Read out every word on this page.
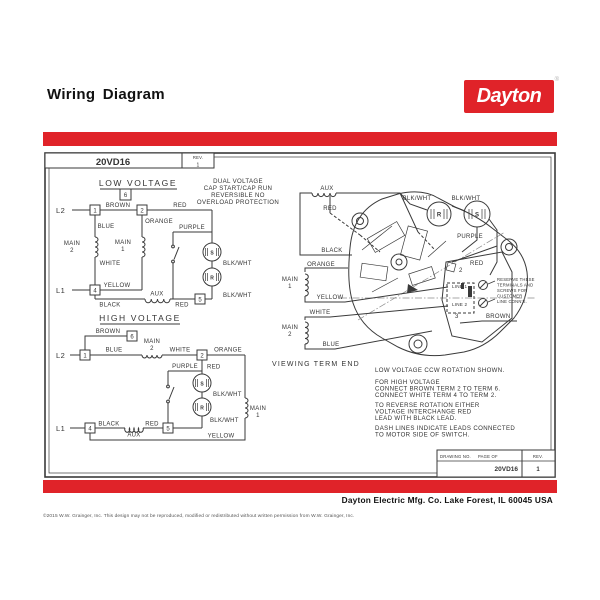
Wiring Diagram	Dayton
®
20VD16	REV.
1
LOW VOLTAGE	DUAL VOLTAGE
CAP START/CAP RUN
REVERSIBLE NO
OVERLOAD PROTECTION
S
R
6
1	2
4
5
L2
L1
BROWN	RED
BLUE
ORANGE
MAIN
2
MAIN
1
WHITE
YELLOW
BLACK
AUX
RED
PURPLE
BLK/WHT
BLK/WHT
HIGH VOLTAGE
S
R
6
1	2
4	5
L2
L1
BROWN
BLUE
MAIN
2	WHITE	ORANGE
RED
PURPLE
BLK/WHT
BLK/WHT
MAIN
1
BLACK
AUX
RED
YELLOW
R	S
AUX
RED
BLK/WHT	BLK/WHT
PURPLE
BLACK
ORANGE
MAIN
1
YELLOW
WHITE
MAIN
2
BLUE
RED
2
LINE 1
LINE 2
3	BROWN
RESERVE THESE
TERMINALS AND
SCREWS FOR
CUSTOMER
LINE CONN'S.
VIEWING TERM END
LOW VOLTAGE CCW ROTATION SHOWN.
FOR HIGH VOLTAGE
CONNECT BROWN TERM 2 TO TERM 6.
CONNECT WHITE TERM 4 TO TERM 2.
TO REVERSE ROTATION EITHER
VOLTAGE INTERCHANGE RED
LEAD WITH BLACK LEAD.
DASH LINES INDICATE LEADS CONNECTED
TO MOTOR SIDE OF SWITCH.
DRAWING NO. PAGE OF
20VD16
REV.
1
Dayton Electric Mfg. Co. Lake Forest, IL 60045 USA
©2015 W.W. Grainger, Inc. This design may not be reproduced, modified or redistributed without written permission from W.W. Grainger, Inc.
